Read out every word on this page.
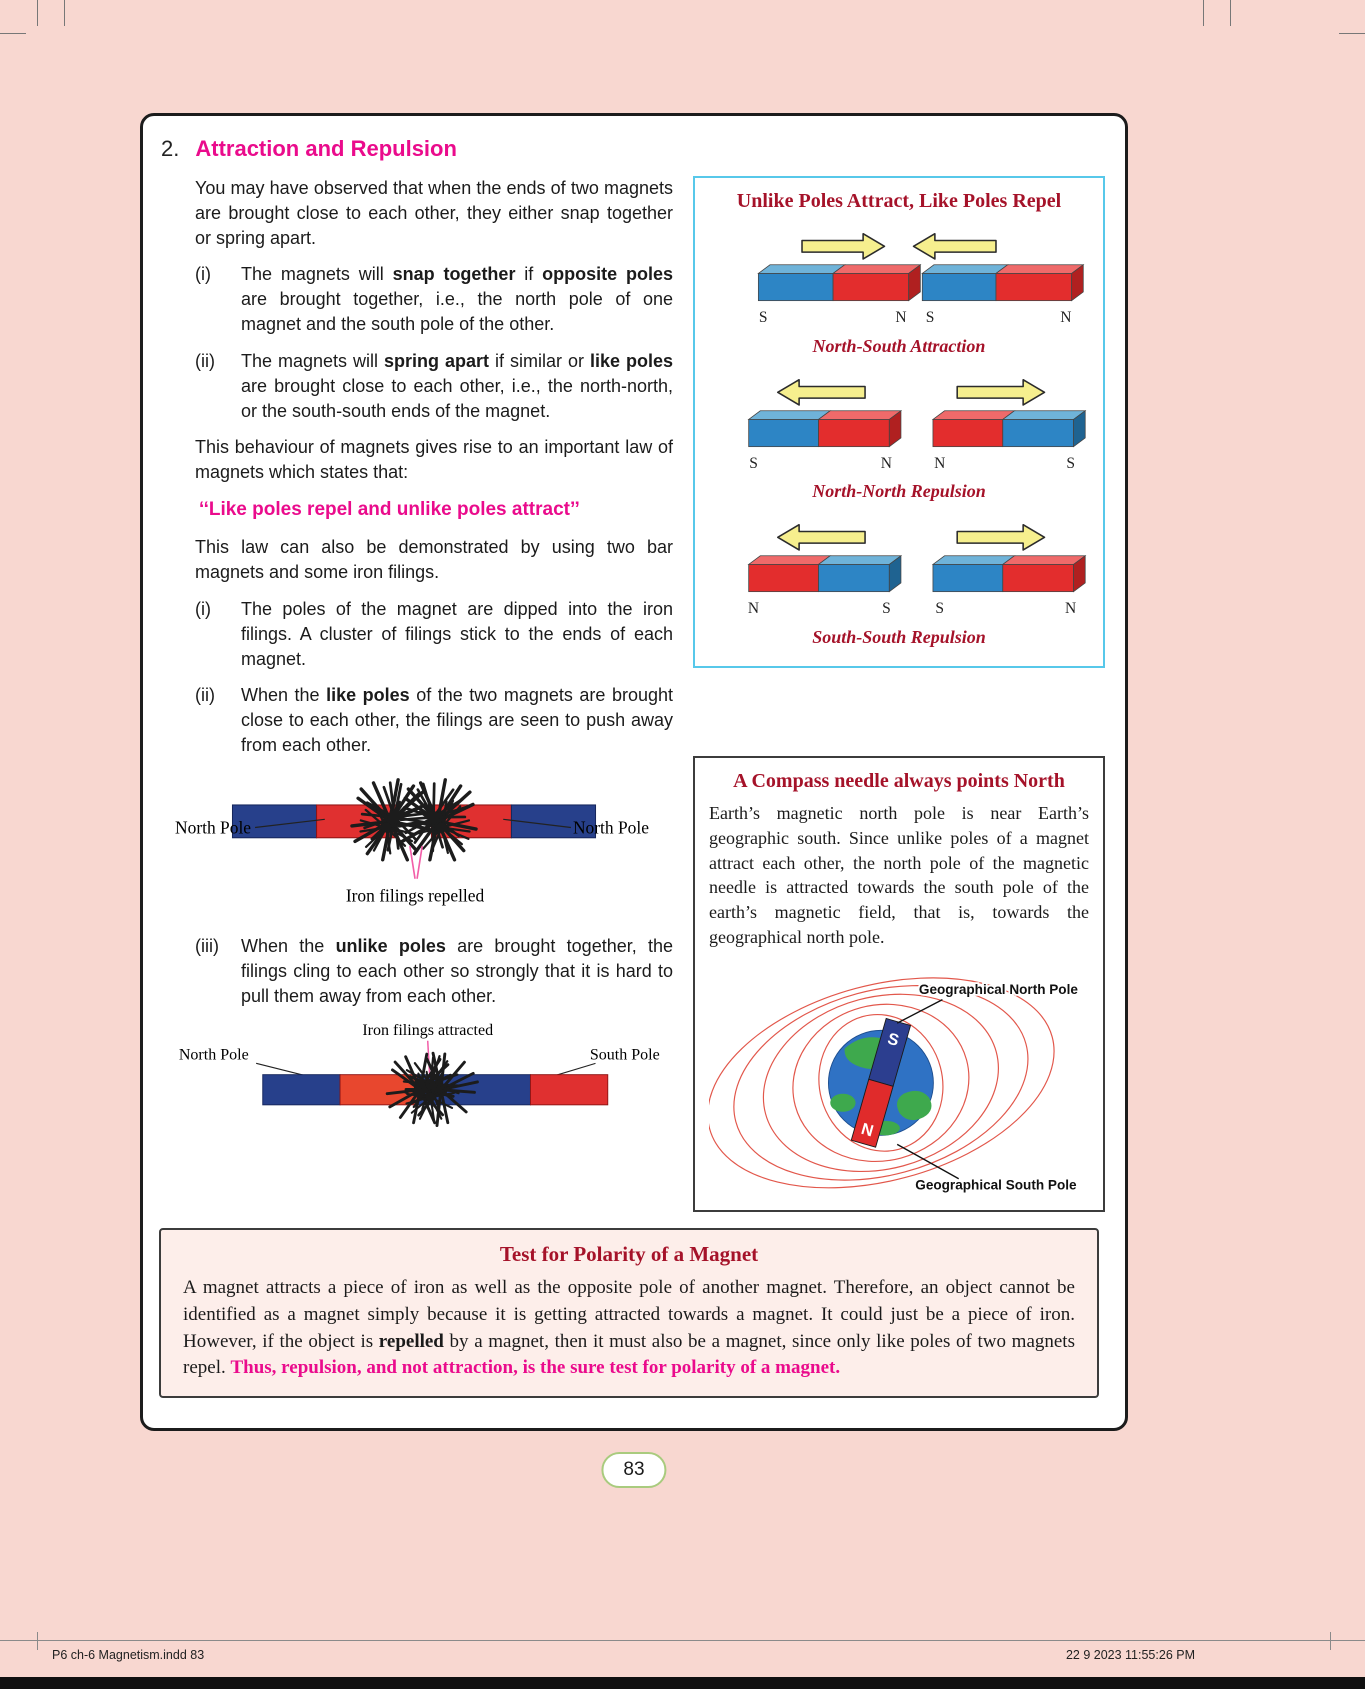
2. Attraction and Repulsion

You may have observed that when the ends of two magnets are brought close to each other, they either snap together or spring apart.

(i)	The magnets will snap together if opposite poles are brought together, i.e., the north pole of one magnet and the south pole of the other.
(ii)	The magnets will spring apart if similar or like poles are brought close to each other, i.e., the north-north, or the south-south ends of the magnet.

This behaviour of magnets gives rise to an important law of magnets which states that:

‘‘Like poles repel and unlike poles attract’’

This law can also be demonstrated by using two bar magnets and some iron filings.

(i)	The poles of the magnet are dipped into the iron filings. A cluster of filings stick to the ends of each magnet.
(ii)	When the like poles of the two magnets are brought close to each other, the filings are seen to push away from each other.
North Pole	North Pole
Iron filings repelled
(iii)	When the unlike poles are brought together, the filings cling to each other so strongly that it is hard to pull them away from each other.
Iron filings attracted
North Pole	South Pole
Unlike Poles Attract, Like Poles Repel
S	N S	N
North-South Attraction
S	N	N	S
North-North Repulsion
N	S	S	N
South-South Repulsion
A Compass needle always points North
Earth’s magnetic north pole is near Earth’s geographic south. Since unlike poles of a magnet attract each other, the north pole of the magnetic needle is attracted towards the south pole of the earth’s magnetic field, that is, towards the geographical north pole.
S
N
Geographical North Pole
Geographical South Pole
Test for Polarity of a Magnet
A magnet attracts a piece of iron as well as the opposite pole of another magnet. Therefore, an object cannot be identified as a magnet simply because it is getting attracted towards a magnet. It could just be a piece of iron. However, if the object is repelled by a magnet, then it must also be a magnet, since only like poles of two magnets repel. Thus, repulsion, and not attraction, is the sure test for polarity of a magnet.
83
P6 ch-6 Magnetism.indd 83	22 9 2023 11:55:26 PM
